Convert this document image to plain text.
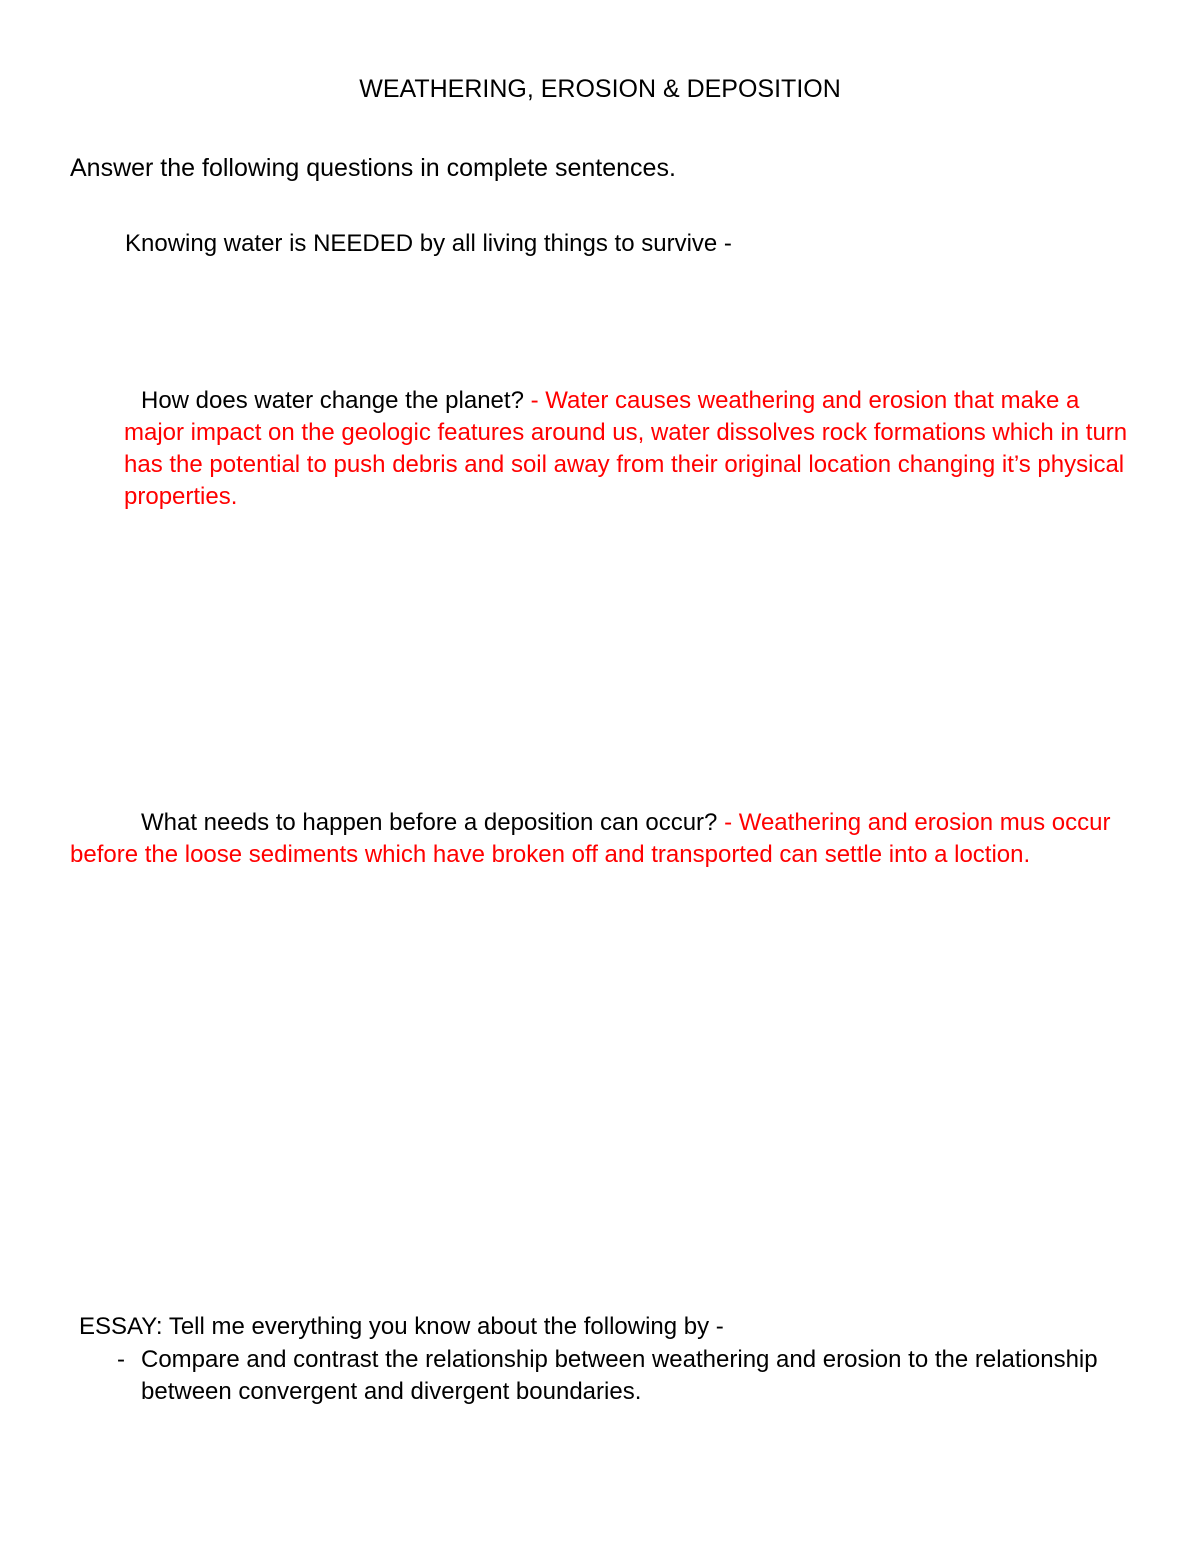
WEATHERING, EROSION & DEPOSITION
Answer the following questions in complete sentences.
Knowing water is NEEDED by all living things to survive -
How does water change the planet? - Water causes weathering and erosion that make a major impact on the geologic features around us, water dissolves rock formations which in turn has the potential to push debris and soil away from their original location changing it’s physical properties.
What needs to happen before a deposition can occur? - Weathering and erosion mus occur before the loose sediments which have broken off and transported can settle into a loction.
ESSAY: Tell me everything you know about the following by -
- Compare and contrast the relationship between weathering and erosion to the relationship between convergent and divergent boundaries.
